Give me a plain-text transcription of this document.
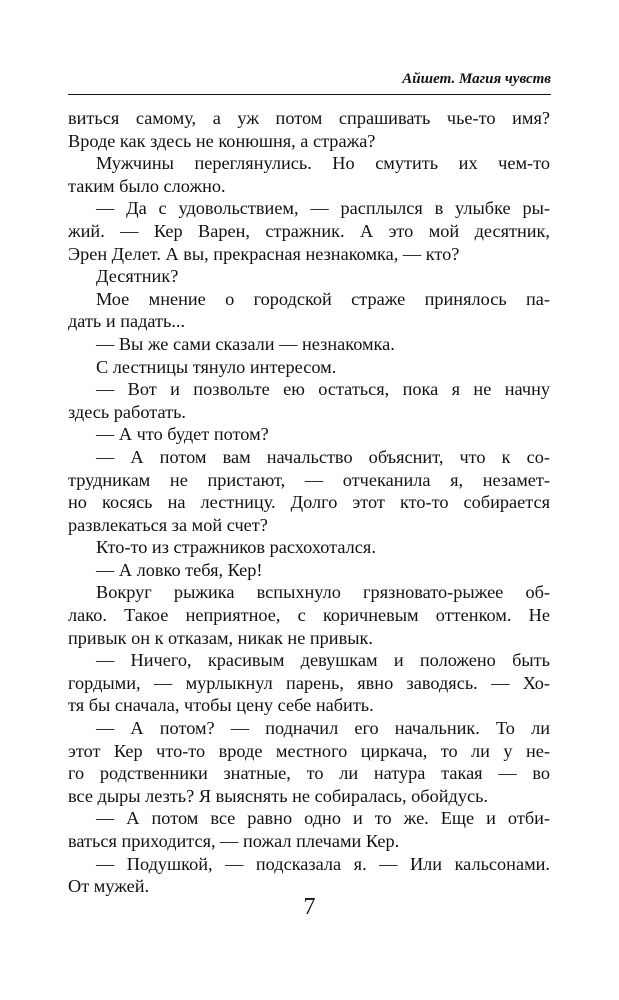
Айшет. Магия чувств
виться самому, а уж потом спрашивать чье-то имя?
Вроде как здесь не конюшня, а стража?
Мужчины переглянулись. Но смутить их чем-то
таким было сложно.
— Да с удовольствием, — расплылся в улыбке ры-
жий. — Кер Варен, стражник. А это мой десятник,
Эрен Делет. А вы, прекрасная незнакомка, — кто?
Десятник?
Мое мнение о городской страже принялось па-
дать и падать...
— Вы же сами сказали — незнакомка.
С лестницы тянуло интересом.
— Вот и позвольте ею остаться, пока я не начну
здесь работать.
— А что будет потом?
— А потом вам начальство объяснит, что к со-
трудникам не пристают, — отчеканила я, незамет-
но косясь на лестницу. Долго этот кто-то собирается
развлекаться за мой счет?
Кто-то из стражников расхохотался.
— А ловко тебя, Кер!
Вокруг рыжика вспыхнуло грязновато-рыжее об-
лако. Такое неприятное, с коричневым оттенком. Не
привык он к отказам, никак не привык.
— Ничего, красивым девушкам и положено быть
гордыми, — мурлыкнул парень, явно заводясь. — Хо-
тя бы сначала, чтобы цену себе набить.
— А потом? — подначил его начальник. То ли
этот Кер что-то вроде местного циркача, то ли у не-
го родственники знатные, то ли натура такая — во
все дыры лезть? Я выяснять не собиралась, обойдусь.
— А потом все равно одно и то же. Еще и отби-
ваться приходится, — пожал плечами Кер.
— Подушкой, — подсказала я. — Или кальсонами.
От мужей.
7
